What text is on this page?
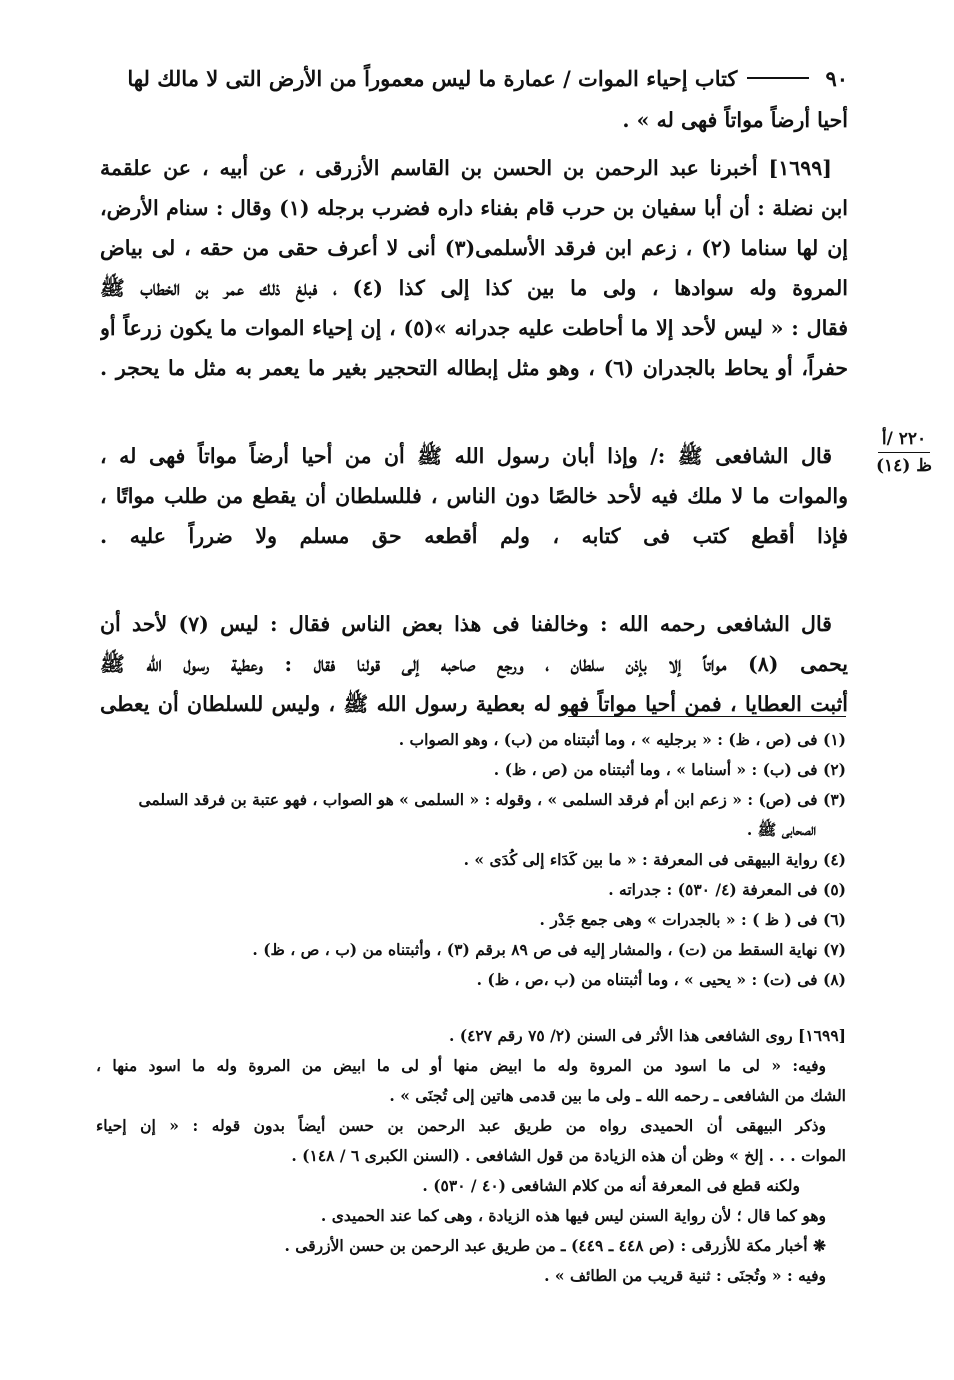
٩٠
كتاب إحياء الموات / عمارة ما ليس معموراً من الأرض التى لا مالك لها
أحيا أرضاً مواتاً فهى له » .
[١٦٩٩] أخبرنا عبد الرحمن بن الحسن بن القاسم الأزرقى ، عن أبيه ، عن علقمة
ابن نضلة : أن أبا سفيان بن حرب قام بفناء داره فضرب برجله (١) وقال : سنام الأرض،
إن لها سناما (٢) ، زعم ابن فرقد الأسلمى(٣) أنى لا أعرف حقى من حقه ، لى بياض
المروة وله سوادها ، ولى ما بين كذا إلى كذا (٤) ، فبلغ ذلك عمر بن الخطاب ﷺ
فقال : « ليس لأحد إلا ما أحاطت عليه جدرانه »(٥) ، إن إحياء الموات ما يكون زرعاً أو
حفراً، أو يحاط بالجدران (٦) ، وهو مثل إبطاله التحجير بغير ما يعمر به مثل ما يحجر .
قال الشافعى ﷺ :/ وإذا أبان رسول الله ﷺ أن من أحيا أرضاً مواتاً فهى له ،
والموات ما لا ملك فيه لأحد خالصًا دون الناس ، فللسلطان أن يقطع من طلب مواتًا ،
فإذا أقطع كتب فى كتابه ، ولم أقطعه حق مسلم ولا ضرراً عليه .
قال الشافعى رحمه الله : وخالفنا فى هذا بعض الناس فقال : ليس (٧) لأحد أن
يحمى (٨) مواتاً إلا بإذن سلطان ، ورجع صاحبه إلى قولنا فقال : وعطية رسول الله ﷺ
أثبت العطايا ، فمن أحيا مواتاً فهو له بعطية رسول الله ﷺ ، وليس للسلطان أن يعطى
٢٢٠ /أ
ظ (١٤)
(١) فى (ص ، ظ) : « برجليه » ، وما أثبتناه من (ب) ، وهو الصواب .
(٢) فى (ب) : « أسناما » ، وما أثبتناه من (ص ، ظ) .
(٣) فى (ص) : « زعم ابن أم فرقد السلمى » ، وقوله : « السلمى » هو الصواب ، فهو عتبة بن فرقد السلمى
الصحابى ﷺ .
(٤) رواية البيهقى فى المعرفة : « ما بين كَدَاء إلى كُدَى » .
(٥) فى المعرفة (٤/ ٥٣٠) : جدراته .
(٦) فى ( ظ ) : « بالجدرات » وهى جمع جَدْر .
(٧) نهاية السقط من (ت) ، والمشار إليه فى ص ٨٩ برقم (٣) ، وأثبتناه من (ب ، ص ، ظ) .
(٨) فى (ت) : « يحيى » ، وما أثبتناه من (ب ،ص ، ظ) .
[١٦٩٩] روى الشافعى هذا الأثر فى السنن (٢/ ٧٥ رقم ٤٢٧) .
وفيه: « لى ما اسود من المروة وله ما ابيض منها أو لى ما ابيض من المروة وله ما اسود منها ،
الشك من الشافعى ـ رحمه الله ـ ولى ما بين قدمى هاتين إلى تُجنَى » .
وذكر البيهقى أن الحميدى رواه من طريق عبد الرحمن بن حسن أيضاً بدون قوله : « إن إحياء
الموات . . . إلخ » وظن أن هذه الزيادة من قول الشافعى . (السنن الكبرى ٦ / ١٤٨) .
ولكنه قطع فى المعرفة أنه من كلام الشافعى (٤٠ / ٥٣٠) .
وهو كما قال ؛ لأن رواية السنن ليس فيها هذه الزيادة ، وهى كما عند الحميدى .
❋ أخبار مكة للأزرقى : (ص ٤٤٨ ـ ٤٤٩) ـ من طريق عبد الرحمن بن حسن الأزرقى .
وفيه : « وتُجنَى : ثنية قريب من الطائف » .
